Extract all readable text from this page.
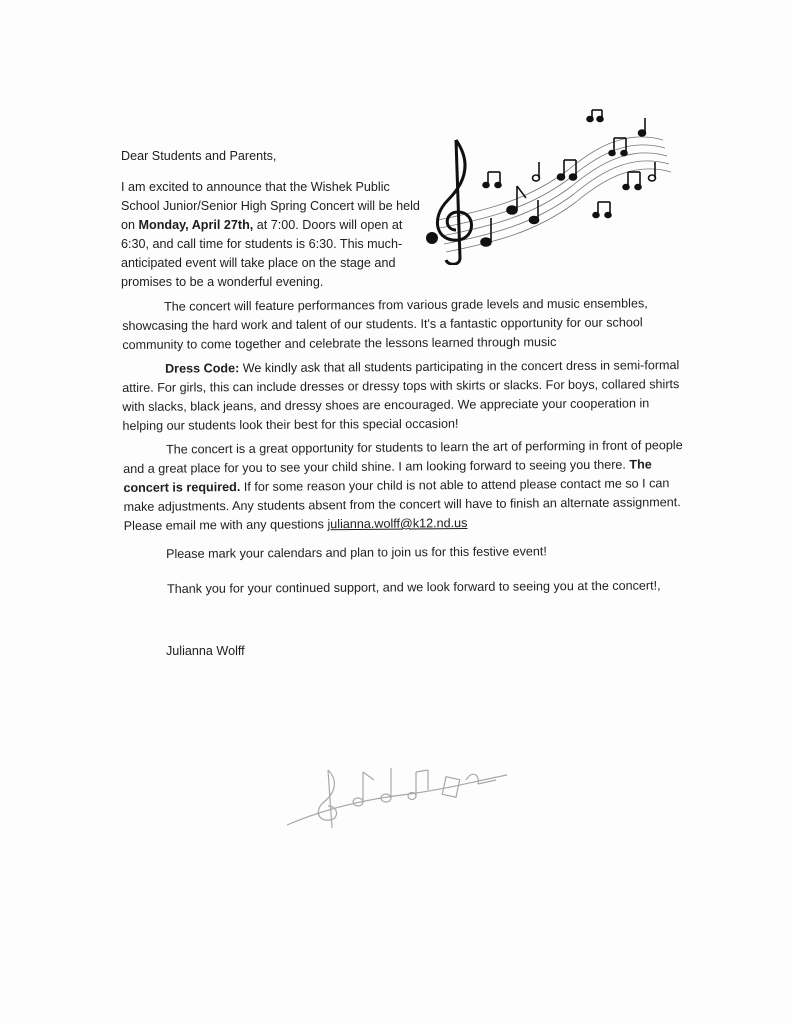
Dear Students and Parents,

I am excited to announce that the Wishek Public School Junior/Senior High Spring Concert will be held on Monday, April 27th, at 7:00. Doors will open at 6:30, and call time for students is 6:30. This much-anticipated event will take place on the stage and promises to be a wonderful evening.

The concert will feature performances from various grade levels and music ensembles, showcasing the hard work and talent of our students. It's a fantastic opportunity for our school community to come together and celebrate the lessons learned through music

Dress Code: We kindly ask that all students participating in the concert dress in semi-formal attire. For girls, this can include dresses or dressy tops with skirts or slacks. For boys, collared shirts with slacks, black jeans, and dressy shoes are encouraged. We appreciate your cooperation in helping our students look their best for this special occasion!

The concert is a great opportunity for students to learn the art of performing in front of people and a great place for you to see your child shine. I am looking forward to seeing you there. The concert is required. If for some reason your child is not able to attend please contact me so I can make adjustments. Any students absent from the concert will have to finish an alternate assignment. Please email me with any questions julianna.wolff@k12.nd.us

Please mark your calendars and plan to join us for this festive event!

Thank you for your continued support, and we look forward to seeing you at the concert!,

Julianna Wolff
